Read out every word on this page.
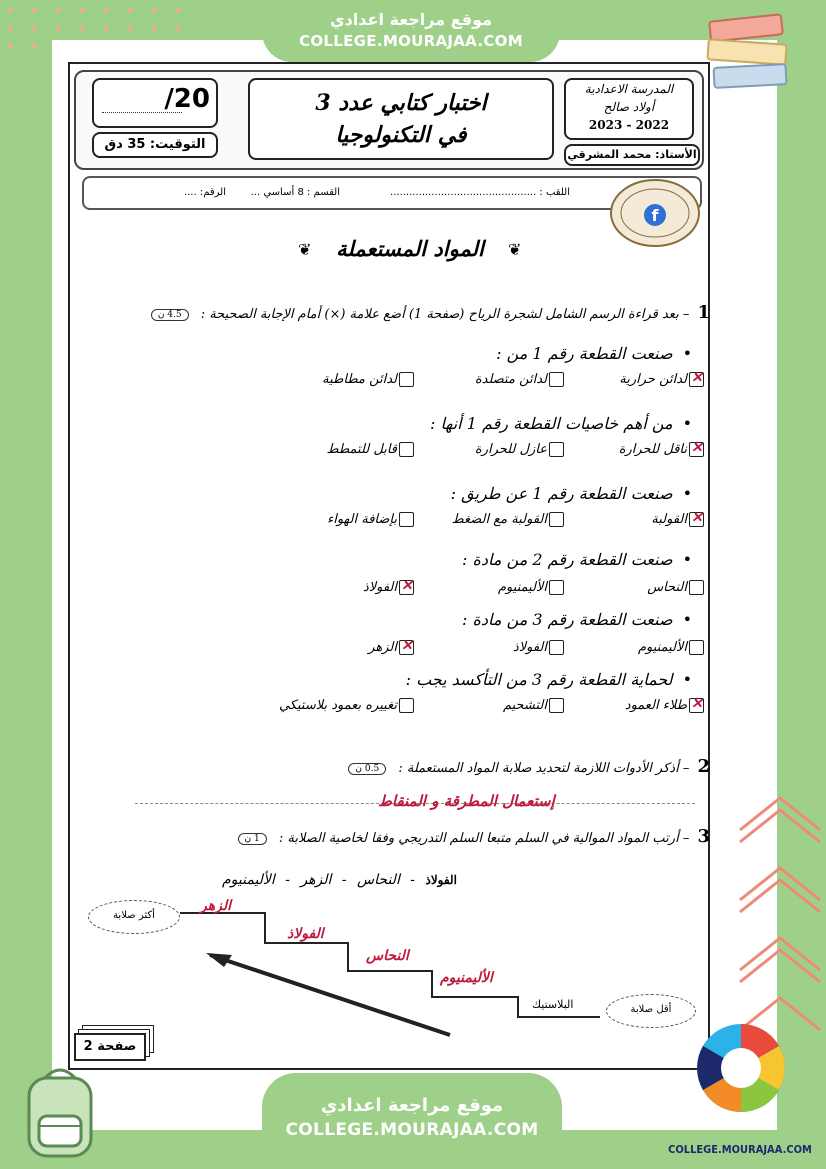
موقع مراجعة اعدادي
COLLEGE.MOURAJAA.COM
المدرسة الاعدادية
أولاد صالح
2023 - 2022
الأستاذ: محمد المشرقي
اختبار كتابي عدد 3
في التكنولوجيا
/20
التوقيت: 35 دق
اللقب : ..............................................
القسم : 8 أساسي ...
الرقم: ....
f
المواد المستعملة
❦	❦
1 – بعد قراءة الرسم الشامل لشجرة الرياح (صفحة 1) أضع علامة (×) أمام الإجابة الصحيحة : 4.5 ن
• صنعت القطعة رقم 1 من :
✕لدائن حرارية
لدائن متصلدة
لدائن مطاطية
• من أهم خاصيات القطعة رقم 1 أنها :
✕ناقل للحرارة
عازل للحرارة
قابل للتمطط
• صنعت القطعة رقم 1 عن طريق :
✕القولبة
القولبة مع الضغط
بإضافة الهواء
• صنعت القطعة رقم 2 من مادة :
النحاس
الأليمنيوم
✕الفولاذ
• صنعت القطعة رقم 3 من مادة :
الأليمنيوم
الفولاذ
✕الزهر
• لحماية القطعة رقم 3 من التأكسد يجب :
✕طلاء العمود
التشحيم
تغييره بعمود بلاستيكي
2 – أذكر الأدوات اللازمة لتحديد صلابة المواد المستعملة : 0.5 ن
إستعمال المطرقة و المنقاط
3 – أرتب المواد الموالية في السلم متبعا السلم التدريجي وفقا لخاصية الصلابة : 1 ن
الفولاذ - النحاس - الزهر - الأليمنيوم
الزهر
الفولاذ
النحاس
الأليمنيوم
البلاستيك
أكثر صلابة
أقل صلابة
صفحة 2
موقع مراجعة اعدادي
COLLEGE.MOURAJAA.COM
COLLEGE.MOURAJAA.COM
